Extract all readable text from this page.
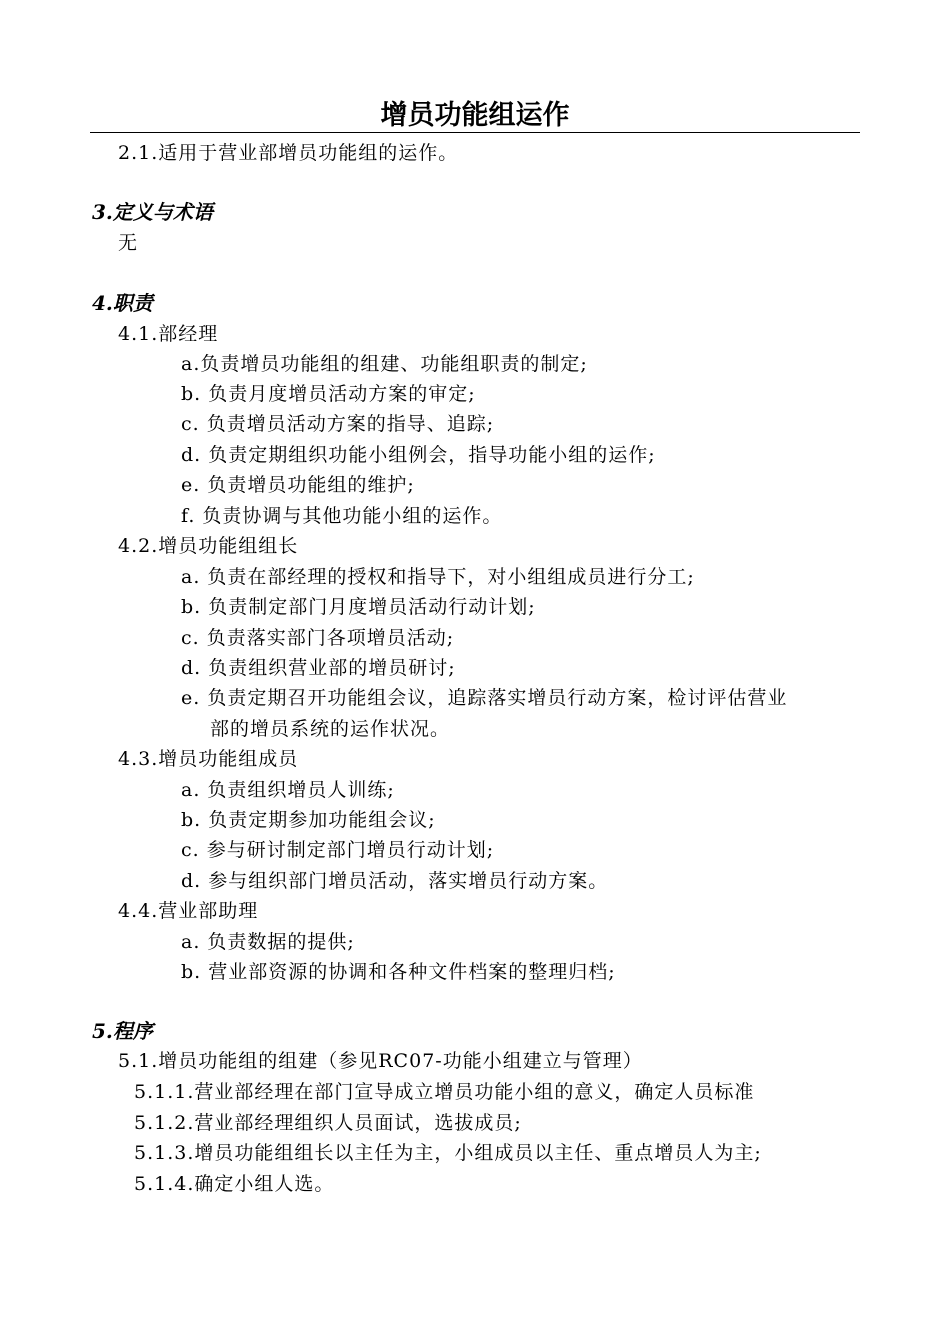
增员功能组运作
2.1.适用于营业部增员功能组的运作。
3.定义与术语
无
4.职责
4.1.部经理
a.负责增员功能组的组建、功能组职责的制定;
b. 负责月度增员活动方案的审定;
c. 负责增员活动方案的指导、追踪;
d. 负责定期组织功能小组例会，指导功能小组的运作;
e. 负责增员功能组的维护;
f. 负责协调与其他功能小组的运作。
4.2.增员功能组组长
a. 负责在部经理的授权和指导下，对小组组成员进行分工;
b. 负责制定部门月度增员活动行动计划;
c. 负责落实部门各项增员活动;
d. 负责组织营业部的增员研讨;
e. 负责定期召开功能组会议，追踪落实增员行动方案，检讨评估营业
部的增员系统的运作状况。
4.3.增员功能组成员
a. 负责组织增员人训练;
b. 负责定期参加功能组会议;
c. 参与研讨制定部门增员行动计划;
d. 参与组织部门增员活动，落实增员行动方案。
4.4.营业部助理
a. 负责数据的提供;
b. 营业部资源的协调和各种文件档案的整理归档;
5.程序
5.1.增员功能组的组建（参见RC07-功能小组建立与管理）
5.1.1.营业部经理在部门宣导成立增员功能小组的意义，确定人员标准
5.1.2.营业部经理组织人员面试，选拔成员;
5.1.3.增员功能组组长以主任为主，小组成员以主任、重点增员人为主;
5.1.4.确定小组人选。
